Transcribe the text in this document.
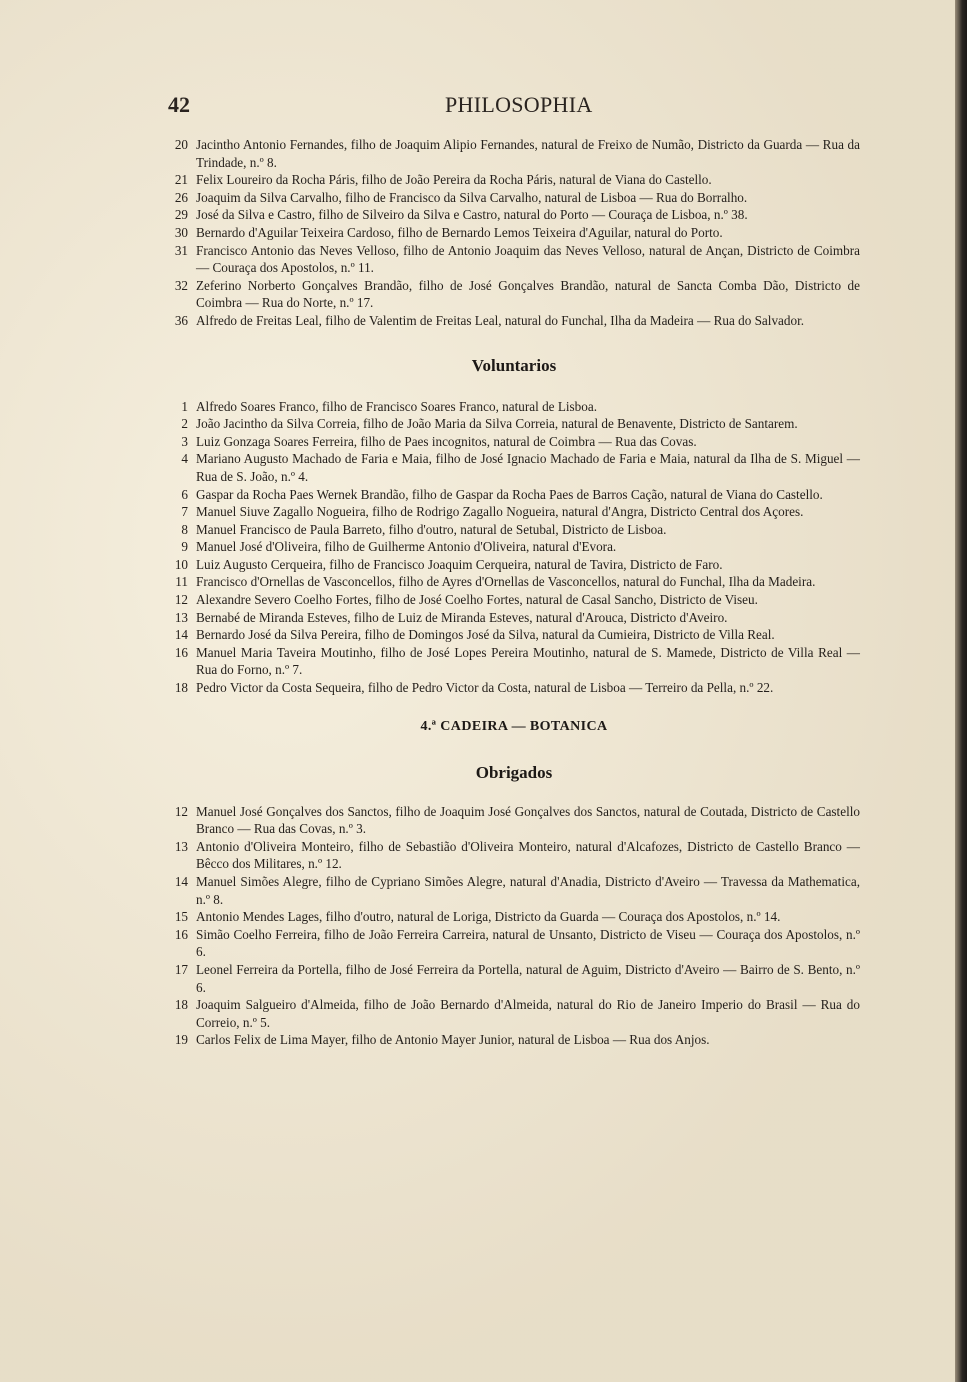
42	PHILOSOPHIA
20 Jacintho Antonio Fernandes, filho de Joaquim Alipio Fernandes, natural de Freixo de Numão, Districto da Guarda — Rua da Trindade, n.º 8.
21 Felix Loureiro da Rocha Páris, filho de João Pereira da Rocha Páris, natural de Viana do Castello.
26 Joaquim da Silva Carvalho, filho de Francisco da Silva Carvalho, natural de Lisboa — Rua do Borralho.
29 José da Silva e Castro, filho de Silveiro da Silva e Castro, natural do Porto — Couraça de Lisboa, n.º 38.
30 Bernardo d'Aguilar Teixeira Cardoso, filho de Bernardo Lemos Teixeira d'Aguilar, natural do Porto.
31 Francisco Antonio das Neves Velloso, filho de Antonio Joaquim das Neves Velloso, natural de Ançan, Districto de Coimbra — Couraça dos Apostolos, n.º 11.
32 Zeferino Norberto Gonçalves Brandão, filho de José Gonçalves Brandão, natural de Sancta Comba Dão, Districto de Coimbra — Rua do Norte, n.º 17.
36 Alfredo de Freitas Leal, filho de Valentim de Freitas Leal, natural do Funchal, Ilha da Madeira — Rua do Salvador.
Voluntarios
1 Alfredo Soares Franco, filho de Francisco Soares Franco, natural de Lisboa.
2 João Jacintho da Silva Correia, filho de João Maria da Silva Correia, natural de Benavente, Districto de Santarem.
3 Luiz Gonzaga Soares Ferreira, filho de Paes incognitos, natural de Coimbra — Rua das Covas.
4 Mariano Augusto Machado de Faria e Maia, filho de José Ignacio Machado de Faria e Maia, natural da Ilha de S. Miguel — Rua de S. João, n.º 4.
6 Gaspar da Rocha Paes Wernek Brandão, filho de Gaspar da Rocha Paes de Barros Cação, natural de Viana do Castello.
7 Manuel Siuve Zagallo Nogueira, filho de Rodrigo Zagallo Nogueira, natural d'Angra, Districto Central dos Açores.
8 Manuel Francisco de Paula Barreto, filho d'outro, natural de Setubal, Districto de Lisboa.
9 Manuel José d'Oliveira, filho de Guilherme Antonio d'Oliveira, natural d'Evora.
10 Luiz Augusto Cerqueira, filho de Francisco Joaquim Cerqueira, natural de Tavira, Districto de Faro.
11 Francisco d'Ornellas de Vasconcellos, filho de Ayres d'Ornellas de Vasconcellos, natural do Funchal, Ilha da Madeira.
12 Alexandre Severo Coelho Fortes, filho de José Coelho Fortes, natural de Casal Sancho, Districto de Viseu.
13 Bernabé de Miranda Esteves, filho de Luiz de Miranda Esteves, natural d'Arouca, Districto d'Aveiro.
14 Bernardo José da Silva Pereira, filho de Domingos José da Silva, natural da Cumieira, Districto de Villa Real.
16 Manuel Maria Taveira Moutinho, filho de José Lopes Pereira Moutinho, natural de S. Mamede, Districto de Villa Real — Rua do Forno, n.º 7.
18 Pedro Victor da Costa Sequeira, filho de Pedro Victor da Costa, natural de Lisboa — Terreiro da Pella, n.º 22.
4.ª CADEIRA — BOTANICA
Obrigados
12 Manuel José Gonçalves dos Sanctos, filho de Joaquim José Gonçalves dos Sanctos, natural de Coutada, Districto de Castello Branco — Rua das Covas, n.º 3.
13 Antonio d'Oliveira Monteiro, filho de Sebastião d'Oliveira Monteiro, natural d'Alcafozes, Districto de Castello Branco — Bêcco dos Militares, n.º 12.
14 Manuel Simões Alegre, filho de Cypriano Simões Alegre, natural d'Anadia, Districto d'Aveiro — Travessa da Mathematica, n.º 8.
15 Antonio Mendes Lages, filho d'outro, natural de Loriga, Districto da Guarda — Couraça dos Apostolos, n.º 14.
16 Simão Coelho Ferreira, filho de João Ferreira Carreira, natural de Unsanto, Districto de Viseu — Couraça dos Apostolos, n.º 6.
17 Leonel Ferreira da Portella, filho de José Ferreira da Portella, natural de Aguim, Districto d'Aveiro — Bairro de S. Bento, n.º 6.
18 Joaquim Salgueiro d'Almeida, filho de João Bernardo d'Almeida, natural do Rio de Janeiro Imperio do Brasil — Rua do Correio, n.º 5.
19 Carlos Felix de Lima Mayer, filho de Antonio Mayer Junior, natural de Lisboa — Rua dos Anjos.
